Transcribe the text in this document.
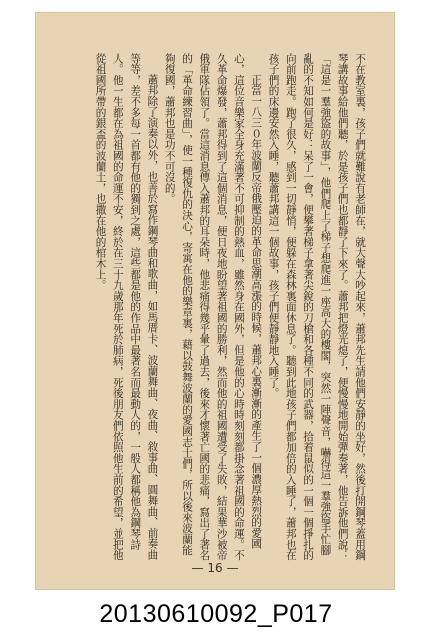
不在教室裏，孩子們就難說有老師在，就大聲大吵起來，蕭邦先生請他們安靜的坐好，然後打開鋼琴蓋用鋼琴講故事給他們聽，於是孩子們也都靜了下來了。蕭邦把燈光熄了，便慢慢地開始彈奏著，他告訴他們說：「這是一羣強盜的故事」，他們爬上了梯子想爬進一座高大的樓閣，突然一陣聲音，嚇得這一羣強盜手忙腳亂的不知如何是好：呆了一會，便攀著梯子拿著尖銳的刀槍和各種不同的武器，拾着鼠似的一個一個掙扎的向前跑走。跑了很久，感到一切靜悄，便躲在森林裏面休息了。聽到此地孩子們都加倍的入睡了，蕭邦也在孩子們的床邊安然入睡，聽蕭邦講這一個故事，孩子們便靜靜地入睡了。

正當一八三０年波蘭反帝俄壓迫的革命思潮高漲的時候，蕭邦心裏漸漸的產生了一個濃厚熱烈的愛國心，這位音樂家全身充滿著不可抑制的熱血，雖然身在國外，但是他的心時時刻刻都掛念著祖國的命運。不久革命爆發，蕭邦得到了這個消息，便日夜地盼望著祖國的勝利，然而他的祖國遭受了失敗，結果華沙被帝俄軍隊佔領了。當這消息傳入蕭邦的耳朵時，他悲痛得幾乎暈了過去，後來才懷著亡國的悲痛，寫出了著名的「革命練習曲」，使一種復仇的決心，寄寓在他的樂章裏，藉以鼓舞波蘭的愛國志士們，所以後來波蘭能夠復國，蕭邦也是功不可沒的。

蕭邦除了演奏以外，也善於寫作鋼琴曲和歌曲，如馬厝卡、波蘭舞曲、夜曲、敘事曲、圓舞曲、前奏曲等等，差不多每一首都有他的獨到之處，這些都是他的作品中最著名而最動人的，一般人都稱他為鋼琴詩人。他一生都在為祖國的命運不安，終於在三十九歲那年死於肺病，死後朋友們依照他生前的希望，並把他從祖國所帶的銀盃的波蘭土，也撒在他的棺木上。

— 16 —
20130610092_P017
